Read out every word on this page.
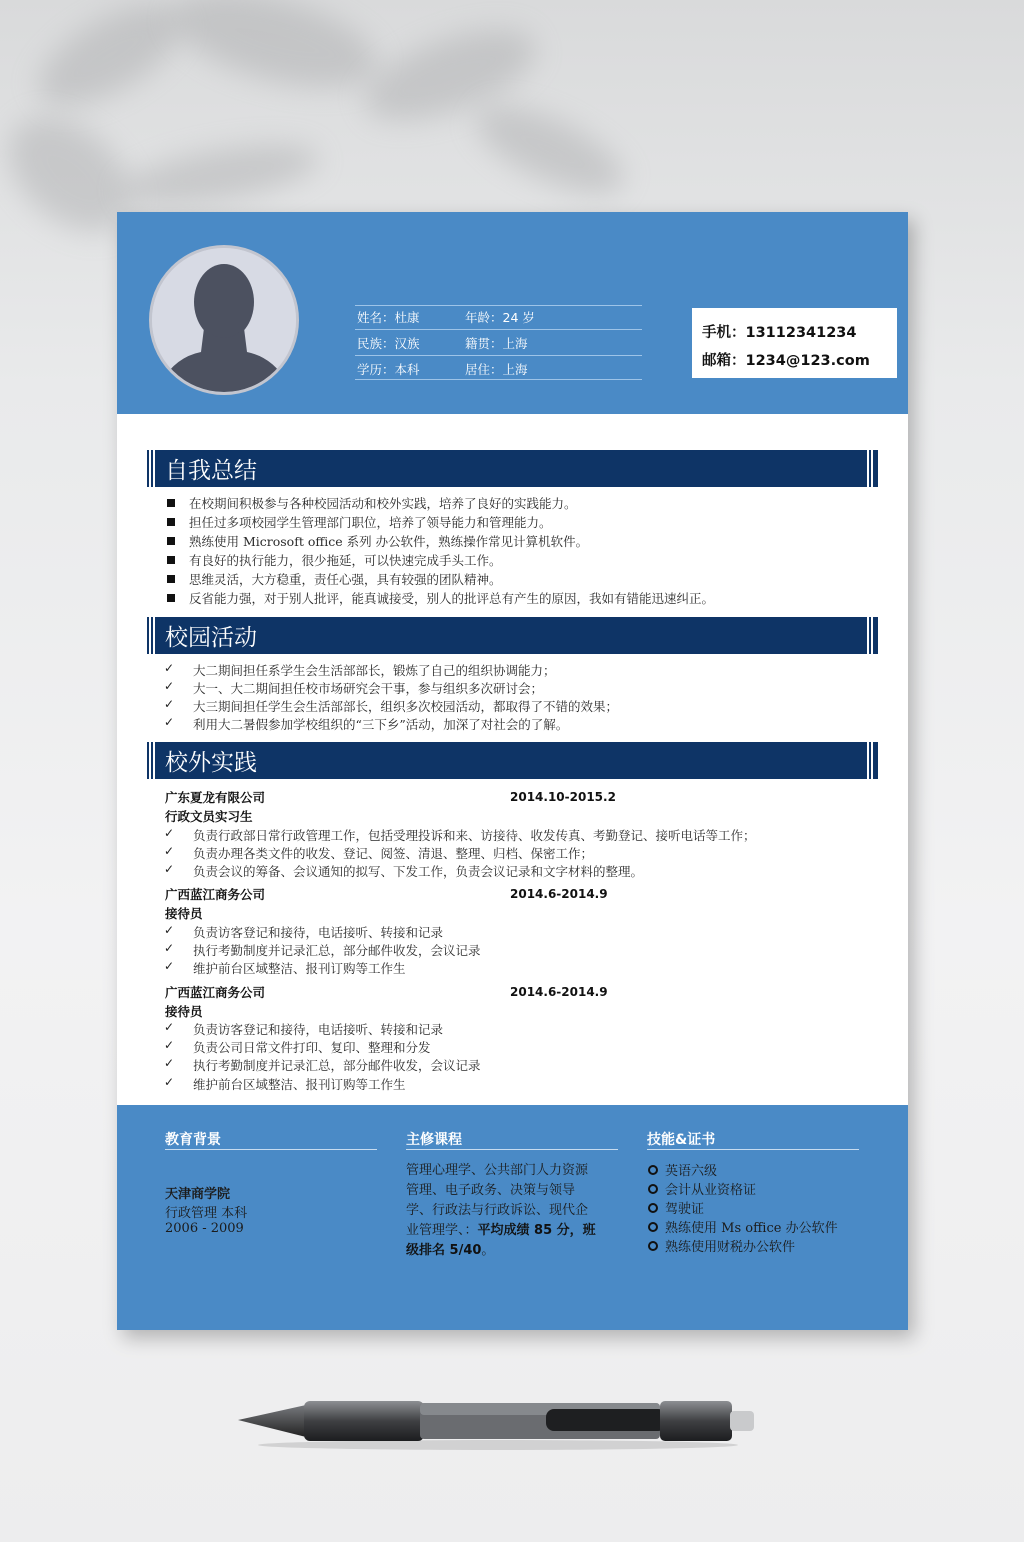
姓名：杜康	年龄：24 岁
民族：汉族	籍贯：上海
学历：本科	居住：上海
手机：13112341234
邮箱：1234@123.com
自我总结
在校期间积极参与各种校园活动和校外实践，培养了良好的实践能力。
担任过多项校园学生管理部门职位，培养了领导能力和管理能力。
熟练使用 Microsoft office 系列 办公软件，熟练操作常见计算机软件。
有良好的执行能力，很少拖延，可以快速完成手头工作。
思维灵活，大方稳重，责任心强，具有较强的团队精神。
反省能力强，对于别人批评，能真诚接受，别人的批评总有产生的原因，我如有错能迅速纠正。
校园活动
✓ 大二期间担任系学生会生活部部长，锻炼了自己的组织协调能力；
✓ 大一、大二期间担任校市场研究会干事，参与组织多次研讨会；
✓ 大三期间担任学生会生活部部长，组织多次校园活动，都取得了不错的效果；
✓ 利用大二暑假参加学校组织的“三下乡”活动，加深了对社会的了解。
校外实践
广东夏龙有限公司	2014.10-2015.2
行政文员实习生
✓ 负责行政部日常行政管理工作，包括受理投诉和来、访接待、收发传真、考勤登记、接听电话等工作；
✓ 负责办理各类文件的收发、登记、阅签、清退、整理、归档、保密工作；
✓ 负责会议的筹备、会议通知的拟写、下发工作，负责会议记录和文字材料的整理。
广西蓝江商务公司	2014.6-2014.9
接待员
✓ 负责访客登记和接待，电话接听、转接和记录
✓ 执行考勤制度并记录汇总，部分邮件收发，会议记录
✓ 维护前台区域整洁、报刊订购等工作生
广西蓝江商务公司	2014.6-2014.9
接待员
✓ 负责访客登记和接待，电话接听、转接和记录
✓ 负责公司日常文件打印、复印、整理和分发
✓ 执行考勤制度并记录汇总，部分邮件收发，会议记录
✓ 维护前台区域整洁、报刊订购等工作生
教育背景
天津商学院
行政管理 本科
2006 - 2009
主修课程
管理心理学、公共部门人力资源
管理、电子政务、决策与领导
学、行政法与行政诉讼、现代企
业管理学、：平均成绩 85 分，班
级排名 5/40。
技能&证书
英语六级
会计从业资格证
驾驶证
熟练使用 Ms office 办公软件
熟练使用财税办公软件
